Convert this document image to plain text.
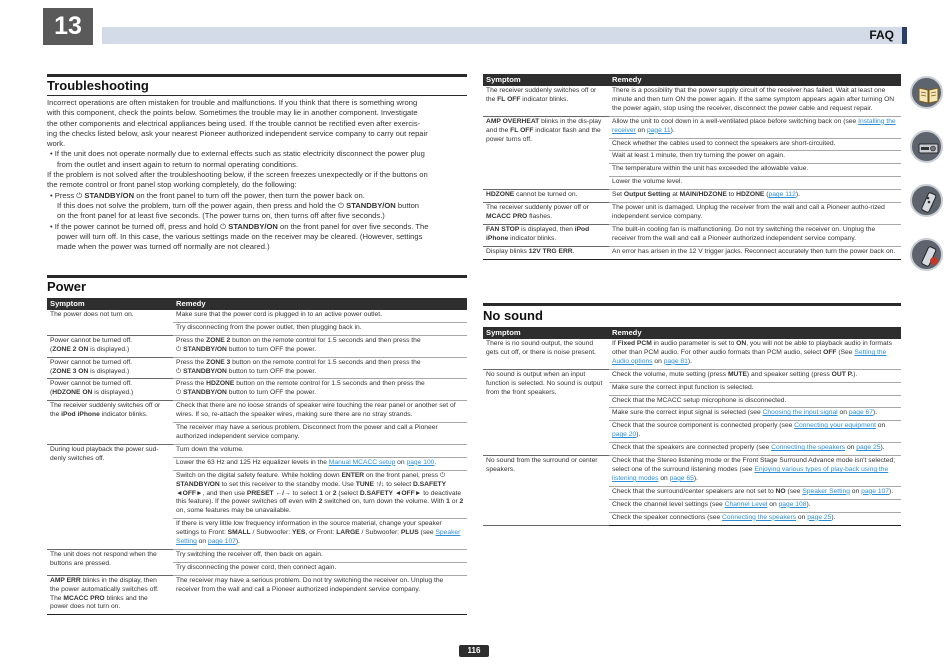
13	FAQ
Troubleshooting

Incorrect operations are often mistaken for trouble and malfunctions. If you think that there is something wrong

with this component, check the points below. Sometimes the trouble may lie in another component. Investigate

the other components and electrical appliances being used. If the trouble cannot be rectified even after exercis-

ing the checks listed below, ask your nearest Pioneer authorized independent service company to carry out repair

work.

• If the unit does not operate normally due to external effects such as static electricity disconnect the power plug

from the outlet and insert again to return to normal operating conditions.

If the problem is not solved after the troubleshooting below, if the screen freezes unexpectedly or if the buttons on

the remote control or front panel stop working completely, do the following:

• Press ⏻ STANDBY/ON on the front panel to turn off the power, then turn the power back on.

If this does not solve the problem, turn off the power again, then press and hold the ⏻ STANDBY/ON button

on the front panel for at least five seconds. (The power turns on, then turns off after five seconds.)

• If the power cannot be turned off, press and hold ⏻ STANDBY/ON on the front panel for over five seconds. The

power will turn off. In this case, the various settings made on the receiver may be cleared. (However, settings

made when the power was turned off normally are not cleared.)

Power
Symptom	Remedy
The power does not turn on.	Make sure that the power cord is plugged in to an active power outlet.
	Try disconnecting from the power outlet, then plugging back in.
Power cannot be turned off.
(ZONE 2 ON is displayed.)	Press the ZONE 2 button on the remote control for 1.5 seconds and then press the
⏻ STANDBY/ON button to turn OFF the power.
Power cannot be turned off.
(ZONE 3 ON is displayed.)	Press the ZONE 3 button on the remote control for 1.5 seconds and then press the
⏻ STANDBY/ON button to turn OFF the power.
Power cannot be turned off.
(HDZONE ON is displayed.)	Press the HDZONE button on the remote control for 1.5 seconds and then press the
⏻ STANDBY/ON button to turn OFF the power.
The receiver suddenly switches off or the iPod iPhone indicator blinks.	Check that there are no loose strands of speaker wire touching the rear panel or another set of wires. If so, re-attach the speaker wires, making sure there are no stray strands.
	The receiver may have a serious problem. Disconnect from the power and call a Pioneer authorized independent service company.
During loud playback the power sud-denly switches off.	Turn down the volume.
	Lower the 63 Hz and 125 Hz equalizer levels in the Manual MCACC setup on page 100.
	Switch on the digital safety feature. While holding down ENTER on the front panel, press ⏻ STANDBY/ON to set this receiver to the standby mode. Use TUNE ↑/↓ to select D.SAFETY ◄OFF►, and then use PRESET ←/→ to select 1 or 2 (select D.SAFETY ◄OFF► to deactivate this feature). If the power switches off even with 2 switched on, turn down the volume. With 1 or 2 on, some features may be unavailable.
	If there is very little low frequency information in the source material, change your speaker settings to Front: SMALL / Subwoofer: YES, or Front: LARGE / Subwoofer: PLUS (see Speaker Setting on page 107).
The unit does not respond when the buttons are pressed.	Try switching the receiver off, then back on again.
	Try disconnecting the power cord, then connect again.
AMP ERR blinks in the display, then the power automatically switches off. The MCACC PRO blinks and the power does not turn on.	The receiver may have a serious problem. Do not try switching the receiver on. Unplug the receiver from the wall and call a Pioneer authorized independent service company.
Symptom	Remedy
The receiver suddenly switches off or the FL OFF indicator blinks.	There is a possibility that the power supply circuit of the receiver has failed. Wait at least one minute and then turn ON the power again. If the same symptom appears again after turning ON the power again, stop using the receiver, disconnect the power cable and request repair.
AMP OVERHEAT blinks in the dis-play and the FL OFF indicator flash and the power turns off.	Allow the unit to cool down in a well-ventilated place before switching back on (see Installing the receiver on page 11).
	Check whether the cables used to connect the speakers are short-circuited.
	Wait at least 1 minute, then try turning the power on again.
	The temperature within the unit has exceeded the allowable value.
	Lower the volume level.
HDZONE cannot be turned on.	Set Output Setting at MAIN/HDZONE to HDZONE (page 112).
The receiver suddenly power off or MCACC PRO flashes.	The power unit is damaged. Unplug the receiver from the wall and call a Pioneer autho-rized independent service company.
FAN STOP is displayed, then iPod iPhone indicator blinks.	The built-in cooling fan is malfunctioning. Do not try switching the receiver on. Unplug the receiver from the wall and call a Pioneer authorized independent service company.
Display blinks 12V TRG ERR.	An error has arisen in the 12 V trigger jacks. Reconnect accurately then turn the power back on.
No sound
Symptom	Remedy
There is no sound output, the sound gets cut off, or there is noise present.	If Fixed PCM in audio parameter is set to ON, you will not be able to playback audio in formats other than PCM audio. For other audio formats than PCM audio, select OFF (See Setting the Audio options on page 81).
No sound is output when an input function is selected. No sound is output from the front speakers.	Check the volume, mute setting (press MUTE) and speaker setting (press OUT P.).
	Make sure the correct input function is selected.
	Check that the MCACC setup microphone is disconnected.
	Make sure the correct input signal is selected (see Choosing the input signal on page 67).
	Check that the source component is connected properly (see Connecting your equipment on page 20).
	Check that the speakers are connected properly (see Connecting the speakers on page 25).
No sound from the surround or center speakers.	Check that the Stereo listening mode or the Front Stage Surround Advance mode isn't selected; select one of the surround listening modes (see Enjoying various types of play-back using the listening modes on page 65).
	Check that the surround/center speakers are not set to NO (see Speaker Setting on page 107).
	Check the channel level settings (see Channel Level on page 108).
	Check the speaker connections (see Connecting the speakers on page 25).
116
